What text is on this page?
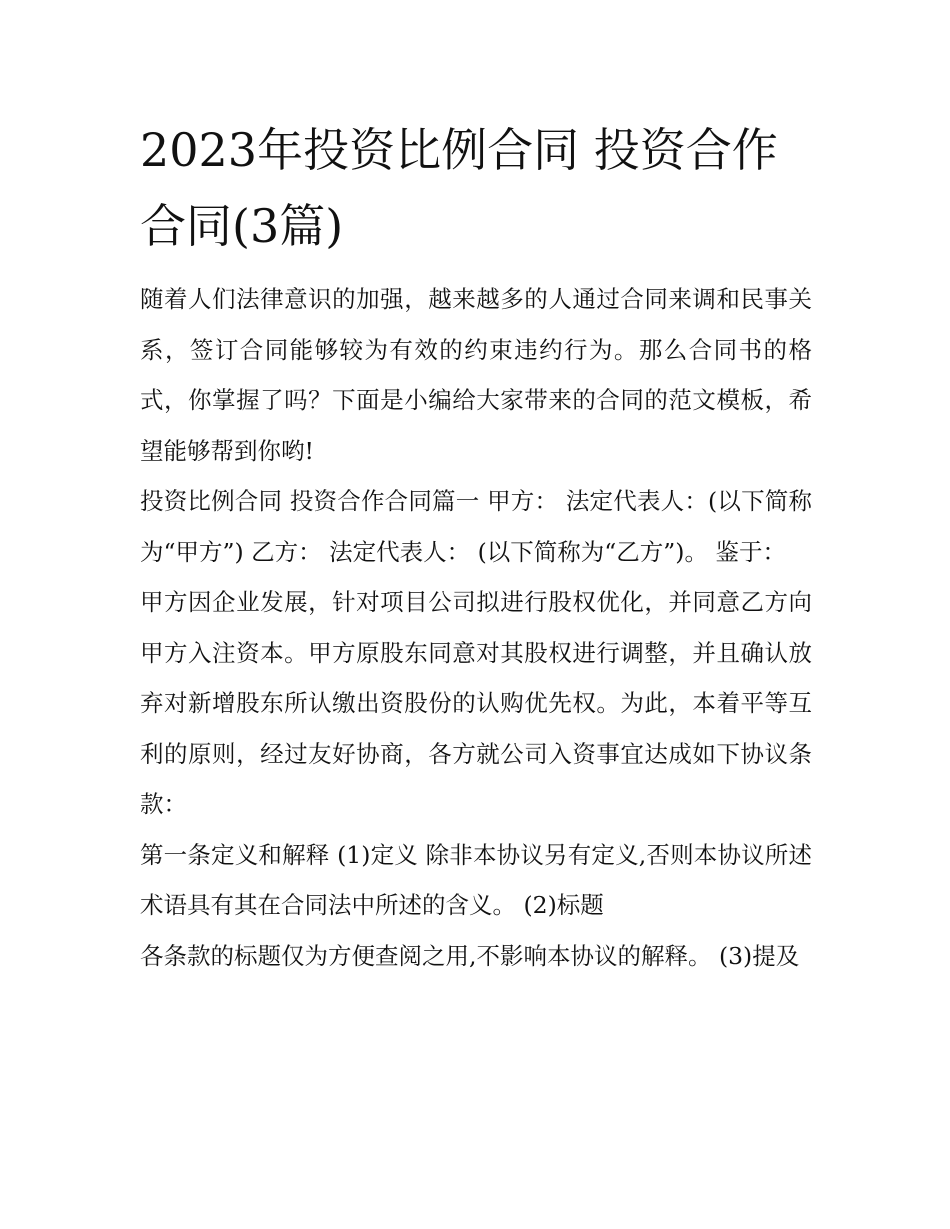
2023年投资比例合同 投资合作合同(3篇)

随着人们法律意识的加强，越来越多的人通过合同来调和民事关系，签订合同能够较为有效的约束违约行为。那么合同书的格式，你掌握了吗？下面是小编给大家带来的合同的范文模板，希望能够帮到你哟!

投资比例合同 投资合作合同篇一 甲方： 法定代表人：(以下简称为“甲方”) 乙方： 法定代表人： (以下简称为“乙方”)。 鉴于：

甲方因企业发展，针对项目公司拟进行股权优化，并同意乙方向甲方入注资本。甲方原股东同意对其股权进行调整，并且确认放弃对新增股东所认缴出资股份的认购优先权。为此，本着平等互利的原则，经过友好协商，各方就公司入资事宜达成如下协议条款：

第一条定义和解释 (1)定义 除非本协议另有定义,否则本协议所述术语具有其在合同法中所述的含义。 (2)标题

各条款的标题仅为方便查阅之用,不影响本协议的解释。 (3)提及
